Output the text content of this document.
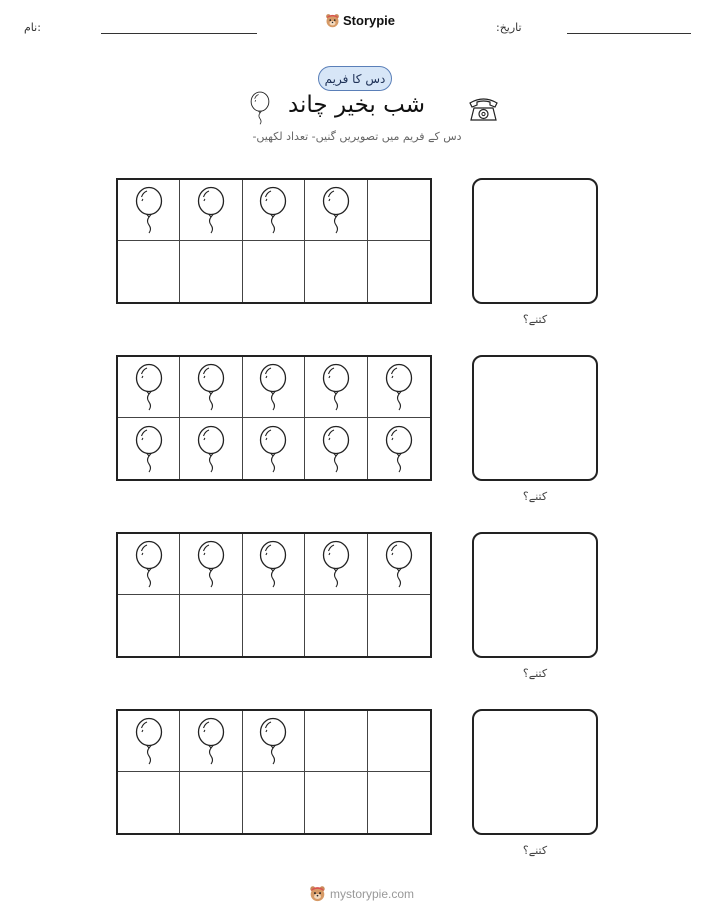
نام:	Storypie	تاریخ:
دس کا فریم
شب بخیر چاند
دس کے فریم میں تصویریں گنیں- تعداد لکھیں-
کتنے؟
کتنے؟
کتنے؟
کتنے؟
mystorypie.com
